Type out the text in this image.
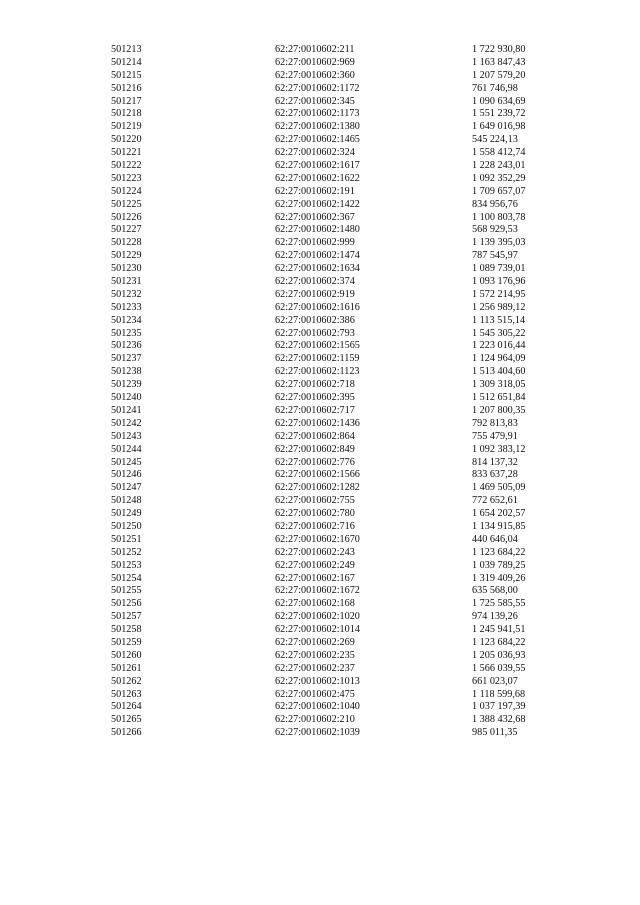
501213	62:27:0010602:211	1 722 930,80
501214	62:27:0010602:969	1 163 847,43
501215	62:27:0010602:360	1 207 579,20
501216	62:27:0010602:1172	761 746,98
501217	62:27:0010602:345	1 090 634,69
501218	62:27:0010602:1173	1 551 239,72
501219	62:27:0010602:1380	1 649 016,98
501220	62:27:0010602:1465	545 224,13
501221	62:27:0010602:324	1 558 412,74
501222	62:27:0010602:1617	1 228 243,01
501223	62:27:0010602:1622	1 092 352,29
501224	62:27:0010602:191	1 709 657,07
501225	62:27:0010602:1422	834 956,76
501226	62:27:0010602:367	1 100 803,78
501227	62:27:0010602:1480	568 929,53
501228	62:27:0010602:999	1 139 395,03
501229	62:27:0010602:1474	787 545,97
501230	62:27:0010602:1634	1 089 739,01
501231	62:27:0010602:374	1 093 176,96
501232	62:27:0010602:919	1 572 214,95
501233	62:27:0010602:1616	1 256 989,12
501234	62:27:0010602:386	1 113 515,14
501235	62:27:0010602:793	1 545 305,22
501236	62:27:0010602:1565	1 223 016,44
501237	62:27:0010602:1159	1 124 964,09
501238	62:27:0010602:1123	1 513 404,60
501239	62:27:0010602:718	1 309 318,05
501240	62:27:0010602:395	1 512 651,84
501241	62:27:0010602:717	1 207 800,35
501242	62:27:0010602:1436	792 813,83
501243	62:27:0010602:864	755 479,91
501244	62:27:0010602:849	1 092 383,12
501245	62:27:0010602:776	814 137,32
501246	62:27:0010602:1566	833 637,28
501247	62:27:0010602:1282	1 469 505,09
501248	62:27:0010602:755	772 652,61
501249	62:27:0010602:780	1 654 202,57
501250	62:27:0010602:716	1 134 915,85
501251	62:27:0010602:1670	440 646,04
501252	62:27:0010602:243	1 123 684,22
501253	62:27:0010602:249	1 039 789,25
501254	62:27:0010602:167	1 319 409,26
501255	62:27:0010602:1672	635 568,00
501256	62:27:0010602:168	1 725 585,55
501257	62:27:0010602:1020	974 139,26
501258	62:27:0010602:1014	1 245 941,51
501259	62:27:0010602:269	1 123 684,22
501260	62:27:0010602:235	1 205 036,93
501261	62:27:0010602:237	1 566 039,55
501262	62:27:0010602:1013	661 023,07
501263	62:27:0010602:475	1 118 599,68
501264	62:27:0010602:1040	1 037 197,39
501265	62:27:0010602:210	1 388 432,68
501266	62:27:0010602:1039	985 011,35
